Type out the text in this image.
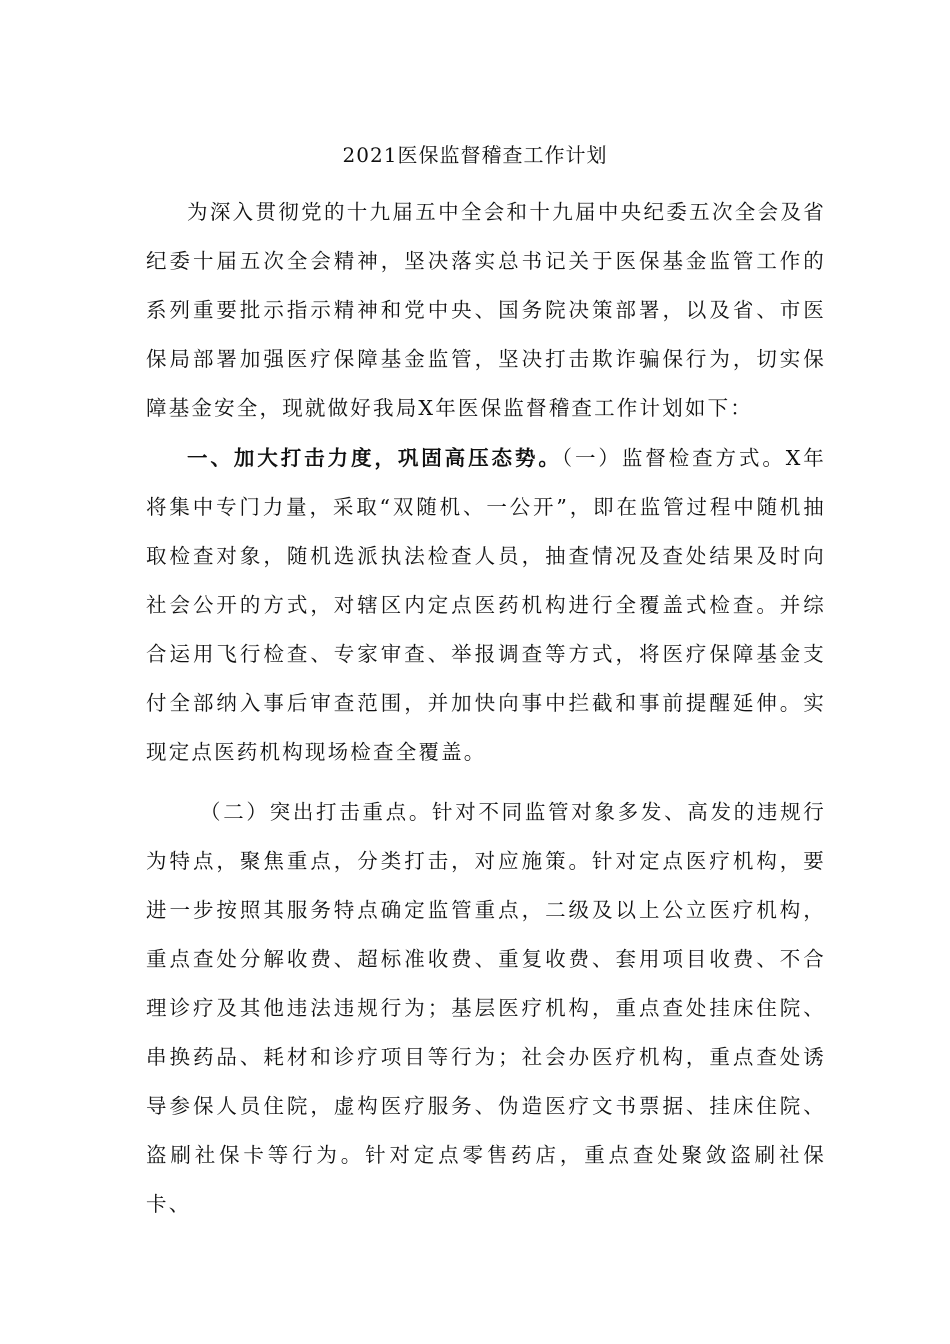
2021医保监督稽查工作计划

为深入贯彻党的十九届五中全会和十九届中央纪委五次全会及省纪委十届五次全会精神，坚决落实总书记关于医保基金监管工作的系列重要批示指示精神和党中央、国务院决策部署，以及省、市医保局部署加强医疗保障基金监管，坚决打击欺诈骗保行为，切实保障基金安全，现就做好我局X年医保监督稽查工作计划如下：

一、加大打击力度，巩固高压态势。（一）监督检查方式。X年将集中专门力量，采取“双随机、一公开”，即在监管过程中随机抽取检查对象，随机选派执法检查人员，抽查情况及查处结果及时向社会公开的方式，对辖区内定点医药机构进行全覆盖式检查。并综合运用飞行检查、专家审查、举报调查等方式，将医疗保障基金支付全部纳入事后审查范围，并加快向事中拦截和事前提醒延伸。实现定点医药机构现场检查全覆盖。

（二）突出打击重点。针对不同监管对象多发、高发的违规行为特点，聚焦重点，分类打击，对应施策。针对定点医疗机构，要进一步按照其服务特点确定监管重点，二级及以上公立医疗机构，重点查处分解收费、超标准收费、重复收费、套用项目收费、不合理诊疗及其他违法违规行为；基层医疗机构，重点查处挂床住院、串换药品、耗材和诊疗项目等行为；社会办医疗机构，重点查处诱导参保人员住院，虚构医疗服务、伪造医疗文书票据、挂床住院、盗刷社保卡等行为。针对定点零售药店，重点查处聚敛盗刷社保卡、
